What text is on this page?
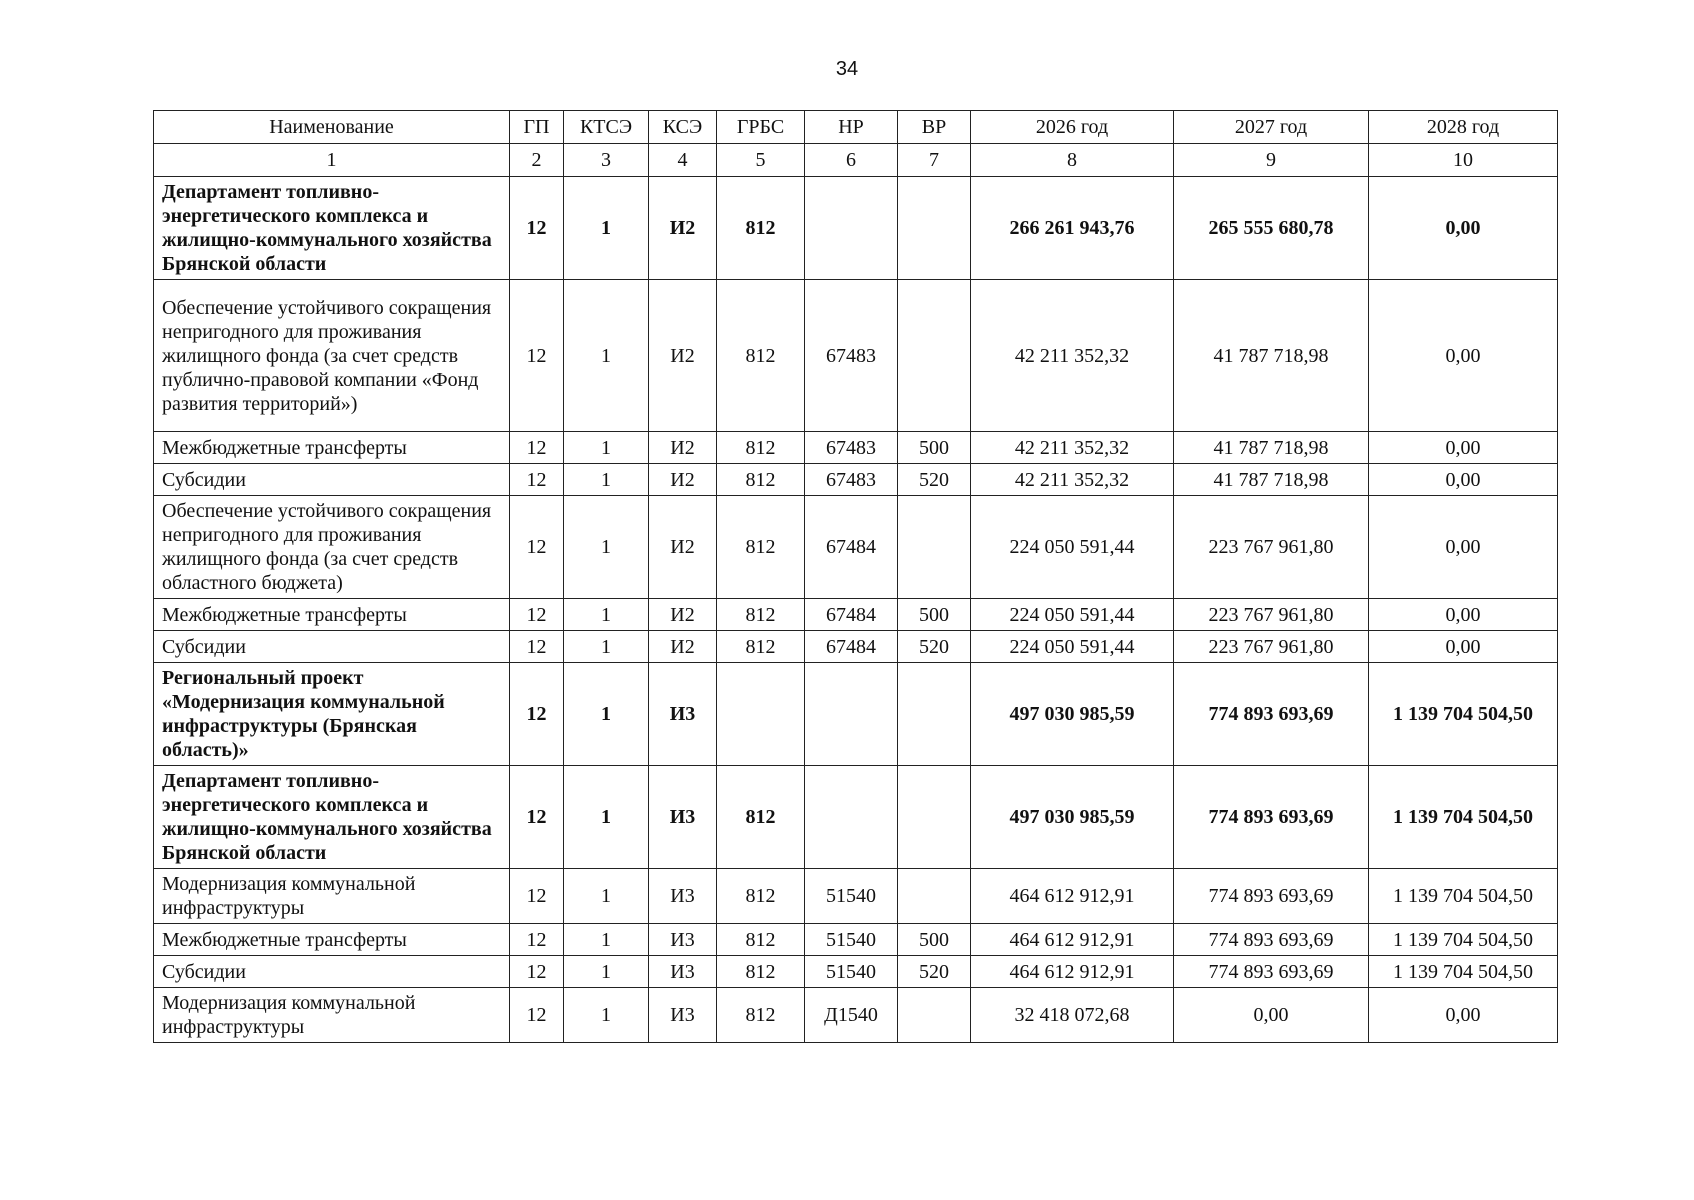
34
Наименование	ГП	КТСЭ	КСЭ	ГРБС	НР	ВР	2026 год	2027 год	2028 год
1	2	3	4	5	6	7	8	9	10
Департамент топливно-энергетического комплекса и жилищно-коммунального хозяйства Брянской области	12	1	И2	812			266 261 943,76	265 555 680,78	0,00
Обеспечение устойчивого сокращения непригодного для проживания жилищного фонда (за счет средств публично-правовой компании «Фонд развития территорий»)	12	1	И2	812	67483		42 211 352,32	41 787 718,98	0,00
Межбюджетные трансферты	12	1	И2	812	67483	500	42 211 352,32	41 787 718,98	0,00
Субсидии	12	1	И2	812	67483	520	42 211 352,32	41 787 718,98	0,00
Обеспечение устойчивого сокращения непригодного для проживания жилищного фонда (за счет средств областного бюджета)	12	1	И2	812	67484		224 050 591,44	223 767 961,80	0,00
Межбюджетные трансферты	12	1	И2	812	67484	500	224 050 591,44	223 767 961,80	0,00
Субсидии	12	1	И2	812	67484	520	224 050 591,44	223 767 961,80	0,00
Региональный проект «Модернизация коммунальной инфраструктуры (Брянская область)»	12	1	И3				497 030 985,59	774 893 693,69	1 139 704 504,50
Департамент топливно-энергетического комплекса и жилищно-коммунального хозяйства Брянской области	12	1	И3	812			497 030 985,59	774 893 693,69	1 139 704 504,50
Модернизация коммунальной инфраструктуры	12	1	И3	812	51540		464 612 912,91	774 893 693,69	1 139 704 504,50
Межбюджетные трансферты	12	1	И3	812	51540	500	464 612 912,91	774 893 693,69	1 139 704 504,50
Субсидии	12	1	И3	812	51540	520	464 612 912,91	774 893 693,69	1 139 704 504,50
Модернизация коммунальной инфраструктуры	12	1	И3	812	Д1540		32 418 072,68	0,00	0,00
